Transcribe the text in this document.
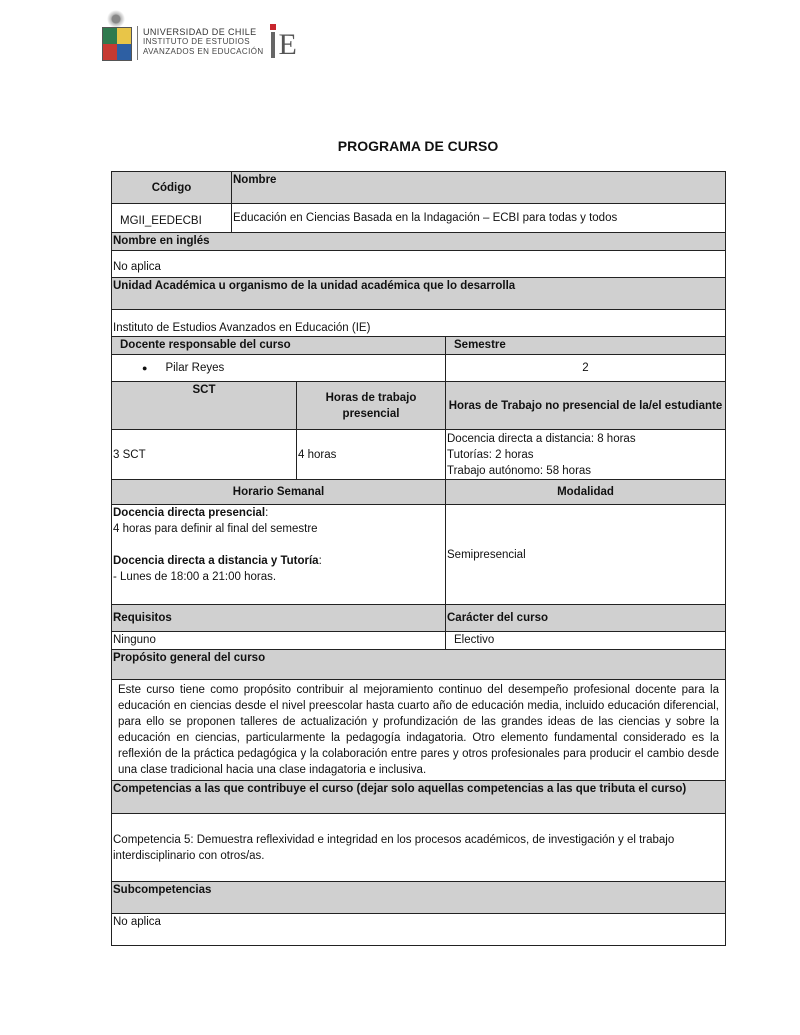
UNIVERSIDAD DE CHILE
INSTITUTO DE ESTUDIOS
AVANZADOS EN EDUCACIÓN E
PROGRAMA DE CURSO
Código	Nombre		
MGII_EEDECBI	Educación en Ciencias Basada en la Indagación – ECBI para todas y todos		
Nombre en inglés			
No aplica			
Unidad Académica u organismo de la unidad académica que lo desarrolla			
Instituto de Estudios Avanzados en Educación (IE)			
Docente responsable del curso			Semestre
● Pilar Reyes			2
SCT		Horas de trabajo presencial	Horas de Trabajo no presencial de la/el estudiante
3 SCT		4 horas	Docencia directa a distancia: 8 horas
Tutorías: 2 horas
Trabajo autónomo: 58 horas

Horario Semanal			Modalidad

Docencia directa presencial:
4 horas para definir al final del semestre
Docencia directa a distancia y Tutoría:
- Lunes de 18:00 a 21:00 horas.			Semipresencial
Requisitos			Carácter del curso
Ninguno			Electivo
Propósito general del curso			
Este curso tiene como propósito contribuir al mejoramiento continuo del desempeño profesional docente para la educación en ciencias desde el nivel preescolar hasta cuarto año de educación media, incluido educación diferencial, para ello se proponen talleres de actualización y profundización de las grandes ideas de las ciencias y sobre la educación en ciencias, particularmente la pedagogía indagatoria. Otro elemento fundamental considerado es la reflexión de la práctica pedagógica y la colaboración entre pares y otros profesionales para producir el cambio desde una clase tradicional hacia una clase indagatoria e inclusiva.			
Competencias a las que contribuye el curso (dejar solo aquellas competencias a las que tributa el curso)			
Competencia 5: Demuestra reflexividad e integridad en los procesos académicos, de investigación y el trabajo interdisciplinario con otros/as.			
Subcompetencias			
No aplica			
